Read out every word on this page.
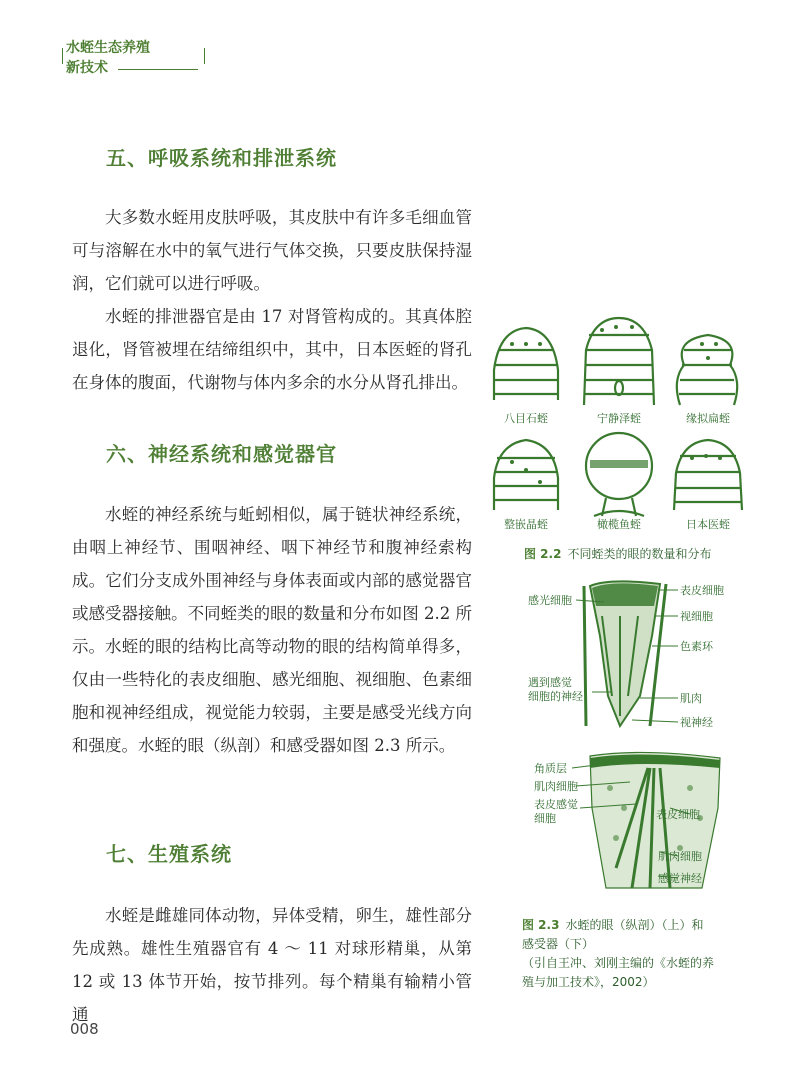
水蛭生态养殖
新技术
五、呼吸系统和排泄系统

大多数水蛭用皮肤呼吸，其皮肤中有许多毛细血管可与溶解在水中的氧气进行气体交换，只要皮肤保持湿润，它们就可以进行呼吸。

水蛭的排泄器官是由 17 对肾管构成的。其真体腔退化，肾管被埋在结缔组织中，其中，日本医蛭的肾孔在身体的腹面，代谢物与体内多余的水分从肾孔排出。

六、神经系统和感觉器官

水蛭的神经系统与蚯蚓相似，属于链状神经系统，由咽上神经节、围咽神经、咽下神经节和腹神经索构成。它们分支成外围神经与身体表面或内部的感觉器官或感受器接触。不同蛭类的眼的数量和分布如图 2.2 所示。 水蛭的眼的结构比高等动物的眼的结构简单得多，仅由一些特化的表皮细胞、感光细胞、视细胞、色素细胞和视神经组成，视觉能力较弱，主要是感受光线方向和强度。水蛭的眼（纵剖）和感受器如图 2.3 所示。

七、生殖系统

水蛭是雌雄同体动物，异体受精，卵生，雄性部分先成熟。雄性生殖器官有 4 ～ 11 对球形精巢，从第 12 或 13 体节开始，按节排列。每个精巢有输精小管通

八目石蛭	宁静泽蛭	缘拟扁蛭
整嵌晶蛭	橄榄鱼蛭	日本医蛭
图 2.2 不同蛭类的眼的数量和分布
表皮细胞
感光细胞
视细胞
色素环
遇到感觉
细胞的神经	肌肉
视神经
角质层
肌肉细胞
表皮感觉
细胞	表皮细胞
肌肉细胞
感觉神经
图 2.3 水蛭的眼（纵剖）（上）和
感受器（下）
（引自王冲、刘刚主编的《水蛭的养
殖与加工技术》，2002）
008
